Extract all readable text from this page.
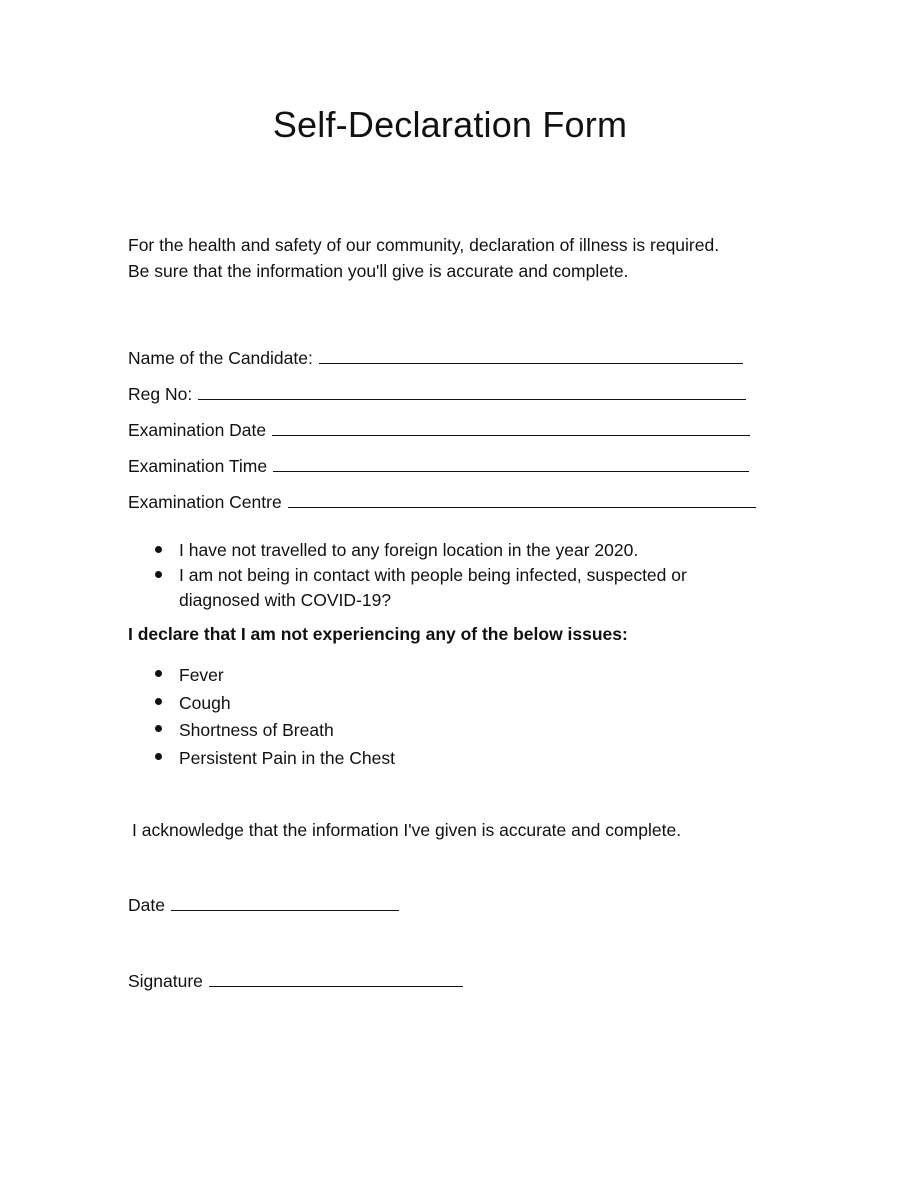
Self-Declaration Form

For the health and safety of our community, declaration of illness is required.

Be sure that the information you'll give is accurate and complete.

Name of the Candidate:
Reg No:
Examination Date
Examination Time
Examination Centre
I have not travelled to any foreign location in the year 2020.
I am not being in contact with people being infected, suspected or diagnosed with COVID-19?

I declare that I am not experiencing any of the below issues:

Fever
Cough
Shortness of Breath
Persistent Pain in the Chest

I acknowledge that the information I've given is accurate and complete.

Date
Signature
